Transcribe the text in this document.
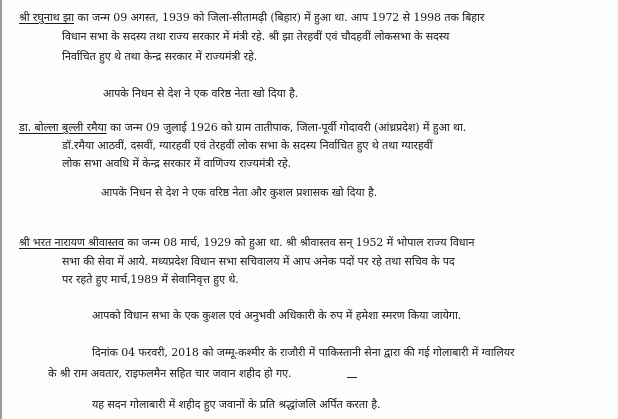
श्री रघुनाथ झा का जन्म 09 अगस्त, 1939 को जिला-सीतामढ़ी (बिहार) में हुआ था. आप 1972 से 1998 तक बिहार
विधान सभा के सदस्य तथा राज्य सरकार में मंत्री रहे. श्री झा तेरहवीं एवं चौदहवीं लोकसभा के सदस्य
निर्वाचित हुए थे तथा केन्द्र सरकार में राज्यमंत्री रहे.
आपके निधन से देश ने एक वरिष्ठ नेता खो दिया है.
डा. बोल्ला बुल्ली रमैया का जन्म 09 जुलाई 1926 को ग्राम तातीपाक, जिला-पूर्वी गोदावरी (आंध्रप्रदेश) में हुआ था.
डॉ.रमैया आठवीं, दसवीं, ग्यारहवीं एवं तेरहवीं लोक सभा के सदस्य निर्वाचित हुए थे तथा ग्यारहवीं
लोक सभा अवधि में केन्द्र सरकार में वाणिज्य राज्यमंत्री रहे.
आपके निधन से देश ने एक वरिष्ठ नेता और कुशल प्रशासक खो दिया है.
श्री भरत नारायण श्रीवास्तव का जन्म 08 मार्च, 1929 को हुआ था. श्री श्रीवास्तव सन् 1952 में भोपाल राज्य विधान
सभा की सेवा में आये. मध्यप्रदेश विधान सभा सचिवालय में आप अनेक पदों पर रहे तथा सचिव के पद
पर रहते हुए मार्च,1989 में सेवानिवृत्त हुए थे.
आपको विधान सभा के एक कुशल एवं अनुभवी अधिकारी के रुप में हमेशा स्मरण किया जायेगा.
दिनांक 04 फरवरी, 2018 को जम्मू-कश्मीर के राजौरी में पाकिस्तानी सेना द्वारा की गई गोलाबारी में ग्वालियर
के श्री राम अवतार, राइफलमैन सहित चार जवान शहीद हो गए.
यह सदन गोलाबारी में शहीद हुए जवानों के प्रति श्रद्धांजलि अर्पित करता है.
